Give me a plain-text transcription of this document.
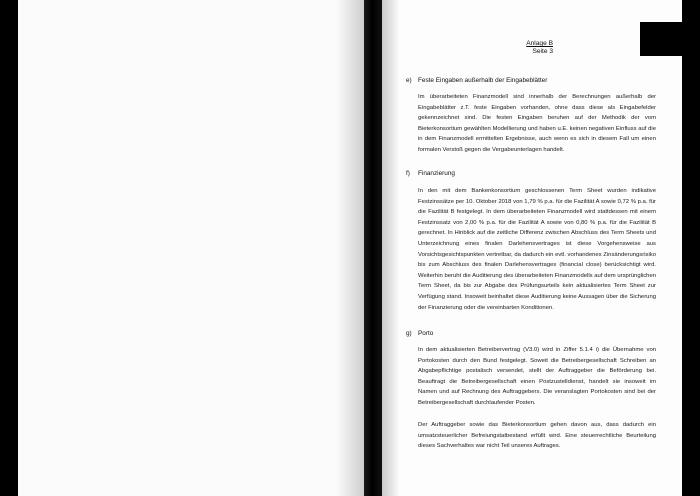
Anlage B
Seite 3
e) Feste Eingaben außerhalb der Eingabeblätter

Im überarbeiteten Finanzmodell sind innerhalb der Berechnungen außerhalb der Eingabeblätter z.T. feste Eingaben vorhanden, ohne dass diese als Eingabefelder gekennzeichnet sind. Die festen Eingaben beruhen auf der Methodik der vom Bieterkonsortium gewählten Modellierung und haben u.E. keinen negativen Einfluss auf die in dem Finanzmodell ermittelten Ergebnisse, auch wenn es sich in diesem Fall um einen formalen Verstoß gegen die Vergabeunterlagen handelt.

f) Finanzierung

In den mit dem Bankenkonsortium geschlossenen Term Sheet wurden indikative Festzinssätze per 10. Oktober 2018 von 1,79 % p.a. für die Fazilität A sowie 0,72 % p.a. für die Fazilität B festgelegt. In dem überarbeiteten Finanzmodell wird stattdessen mit einem Festzinssatz von 2,00 % p.a. für die Fazilität A sowie von 0,80 % p.a. für die Fazilität B gerechnet. In Hinblick auf die zeitliche Differenz zwischen Abschluss des Term Sheets und Unterzeichnung eines finalen Darlehensvertrages ist diese Vorgehensweise aus Vorsichtsgesichtspunkten vertretbar, da dadurch ein evtl. vorhandenes Zinsänderungsrisiko bis zum Abschluss des finalen Darlehensvertrages (financial close) berücksichtigt wird. Weiterhin beruht die Auditierung des überarbeiteten Finanzmodells auf dem ursprünglichen Term Sheet, da bis zur Abgabe des Prüfungsurteils kein aktualisiertes Term Sheet zur Verfügung stand. Insoweit beinhaltet diese Auditierung keine Aussagen über die Sicherung der Finanzierung oder die vereinbarten Konditionen.

g) Porto

In dem aktualisierten Betreibervertrag (V3.0) wird in Ziffer 5.1.4 i) die Übernahme von Portokosten durch den Bund festgelegt. Soweit die Betreibergesellschaft Schreiben an Abgabepflichtige postalisch versendet, stellt der Auftraggeber die Beförderung bei. Beauftragt die Betreibergesellschaft einen Postzustelldienst, handelt sie insoweit im Namen und auf Rechnung des Auftraggebers. Die veranslagten Portokosten sind bei der Betreibergesellschaft durchlaufender Posten.

Der Auftraggeber sowie das Bieterkonsortium gehen davon aus, dass dadurch ein umsatzsteuerlicher Befreiungstatbestand erfüllt wird. Eine steuerrechtliche Beurteilung dieses Sachverhaltes war nicht Teil unseres Auftrages.
